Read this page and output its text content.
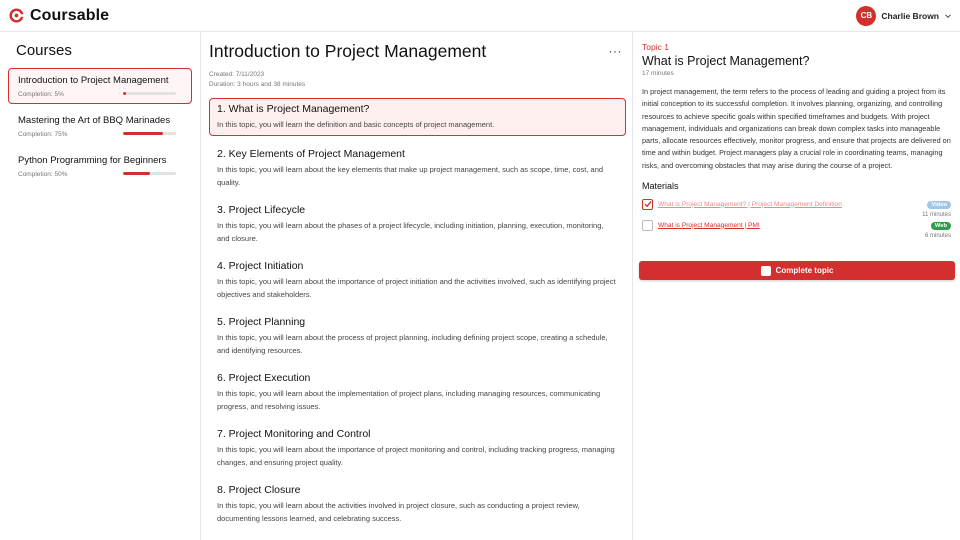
Coursable	CB	Charlie Brown
Courses
Introduction to Project Management
Completion: 5%
Mastering the Art of BBQ Marinades
Completion: 75%
Python Programming for Beginners
Completion: 50%
Introduction to Project Management	···
Created: 7/11/2023
Duration: 3 hours and 38 minutes
1. What is Project Management?
In this topic, you will learn the definition and basic concepts of project management.
2. Key Elements of Project Management
In this topic, you will learn about the key elements that make up project management, such as scope, time, cost, and quality.
3. Project Lifecycle
In this topic, you will learn about the phases of a project lifecycle, including initiation, planning, execution, monitoring, and closure.
4. Project Initiation
In this topic, you will learn about the importance of project initiation and the activities involved, such as identifying project objectives and stakeholders.
5. Project Planning
In this topic, you will learn about the process of project planning, including defining project scope, creating a schedule, and identifying resources.
6. Project Execution
In this topic, you will learn about the implementation of project plans, including managing resources, communicating progress, and resolving issues.
7. Project Monitoring and Control
In this topic, you will learn about the importance of project monitoring and control, including tracking progress, managing changes, and ensuring project quality.
8. Project Closure
In this topic, you will learn about the activities involved in project closure, such as conducting a project review, documenting lessons learned, and celebrating success.
Topic 1
What is Project Management?
17 minutes
In project management, the term refers to the process of leading and guiding a project from its initial conception to its successful completion. It involves planning, organizing, and controlling resources to achieve specific goals within specified timeframes and budgets. With project management, individuals and organizations can break down complex tasks into manageable parts, allocate resources effectively, monitor progress, and ensure that projects are delivered on time and within budget. Project managers play a crucial role in coordinating teams, managing risks, and overcoming obstacles that may arise during the course of a project.
Materials
What is Project Management? | Project Management Definition	Video
11 minutes
What is Project Management | PMI	Web
6 minutes
Complete topic
